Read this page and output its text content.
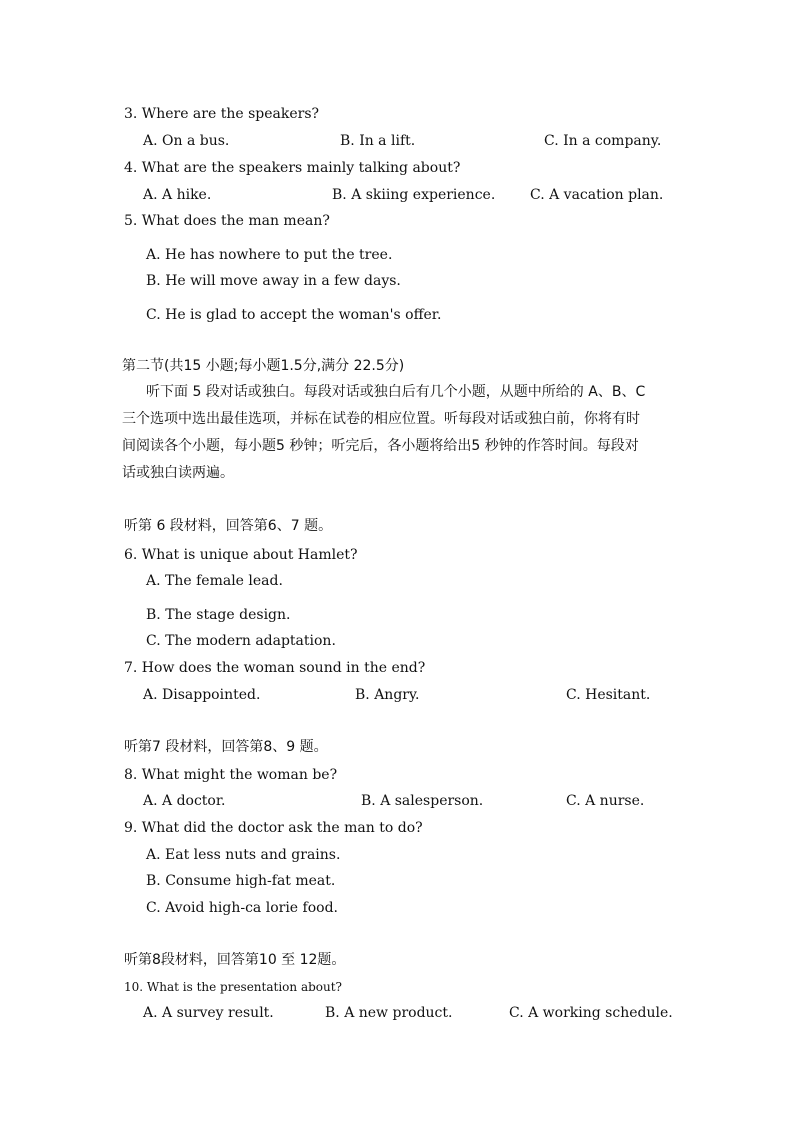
3. Where are the speakers?
A. On a bus.	B. In a lift.	C. In a company.
4. What are the speakers mainly talking about?
A. A hike.	B. A skiing experience. C. A vacation plan.
5. What does the man mean?
A. He has nowhere to put the tree.
B. He will move away in a few days.
C. He is glad to accept the woman's offer.
第二节(共15 小题;每小题1.5分,满分 22.5分)
听下面 5 段对话或独白。每段对话或独白后有几个小题，从题中所给的 A、B、C
三个选项中选出最佳选项，并标在试卷的相应位置。听每段对话或独白前，你将有时
间阅读各个小题，每小题5 秒钟；听完后，各小题将给出5 秒钟的作答时间。每段对
话或独白读两遍。
听第 6 段材料，回答第6、7 题。
6. What is unique about Hamlet?
A. The female lead.
B. The stage design.
C. The modern adaptation.
7. How does the woman sound in the end?
A. Disappointed.	B. Angry.	C. Hesitant.
听第7 段材料，回答第8、9 题。
8. What might the woman be?
A. A doctor.	B. A salesperson.	C. A nurse.
9. What did the doctor ask the man to do?
A. Eat less nuts and grains.
B. Consume high-fat meat.
C. Avoid high-ca lorie food.
听第8段材料，回答第10 至 12题。
10. What is the presentation about?
A. A survey result.	B. A new product.	C. A working schedule.
